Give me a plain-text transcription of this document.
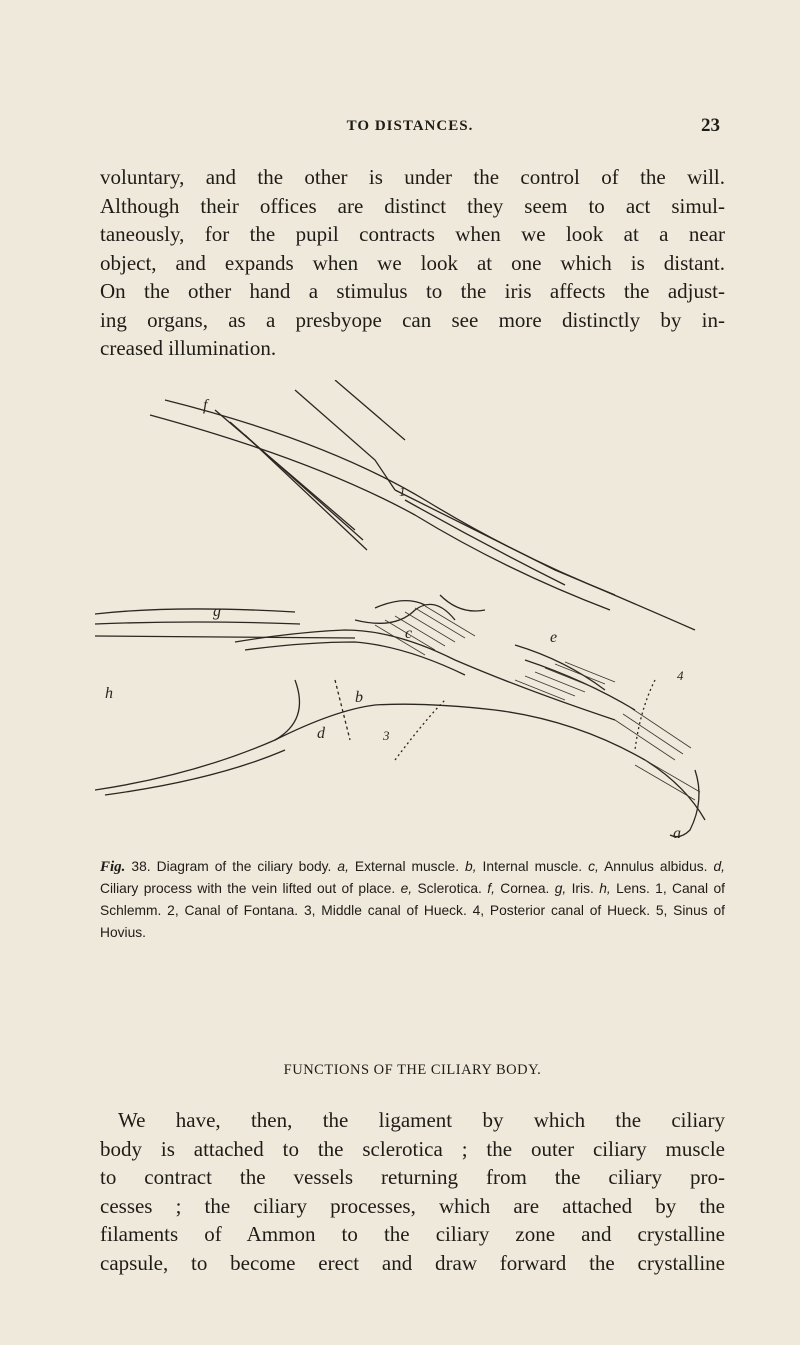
TO DISTANCES.	23
voluntary, and the other is under the control of the will.
Although their offices are distinct they seem to act simul-
taneously, for the pupil contracts when we look at a near
object, and expands when we look at one which is distant.
On the other hand a stimulus to the iris affects the adjust-
ing organs, as a presbyope can see more distinctly by in-
creased illumination.
f
1
g
c	e
4
h	b
d	3
a
Fig. 38. Diagram of the ciliary body. a, External muscle. b, Internal muscle. c, Annulus albidus. d, Ciliary process with the vein lifted out of place. e, Sclerotica. f, Cornea. g, Iris. h, Lens. 1, Canal of Schlemm. 2, Canal of Fontana. 3, Middle canal of Hueck. 4, Posterior canal of Hueck. 5, Sinus of Hovius.
FUNCTIONS OF THE CILIARY BODY.
We have, then, the ligament by which the ciliary
body is attached to the sclerotica ; the outer ciliary muscle
to contract the vessels returning from the ciliary pro-
cesses ; the ciliary processes, which are attached by the
filaments of Ammon to the ciliary zone and crystalline
capsule, to become erect and draw forward the crystalline
